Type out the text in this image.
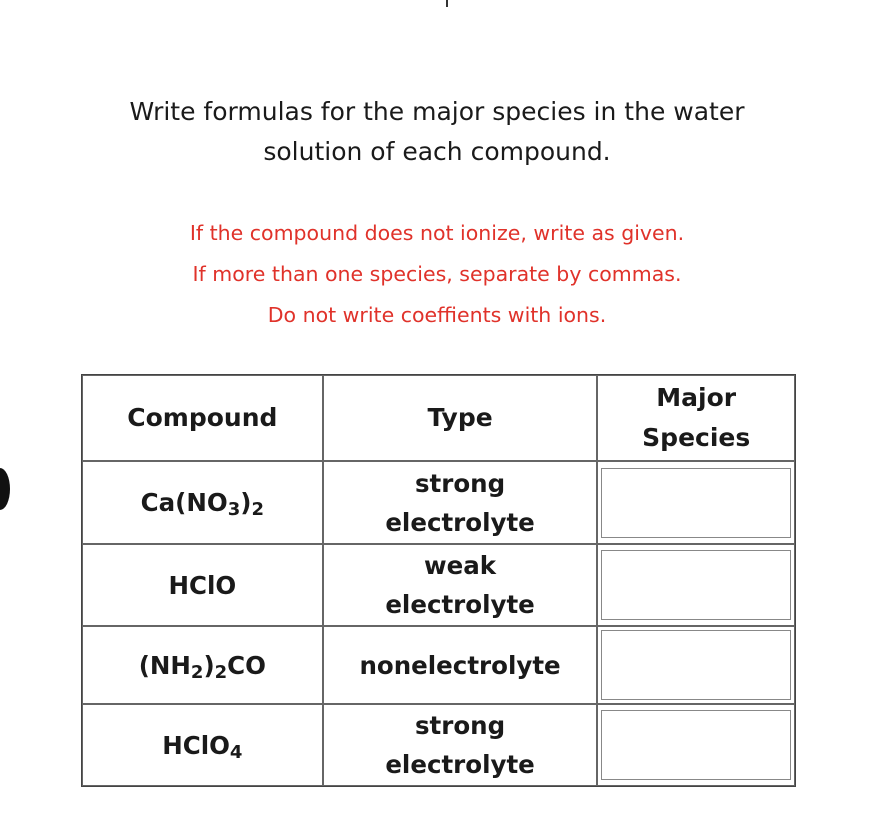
Write formulas for the major species in the water
solution of each compound.
If the compound does not ionize, write as given.
If more than one species, separate by commas.
Do not write coeffients with ions.
Compound	Type	Major
Species

$Ca(NO_3)_2$	strong
electrolyte

HClO	weak
electrolyte

$(NH_2)_2CO$	nonelectrolyte

HClO$_4$	strong
electrolyte
